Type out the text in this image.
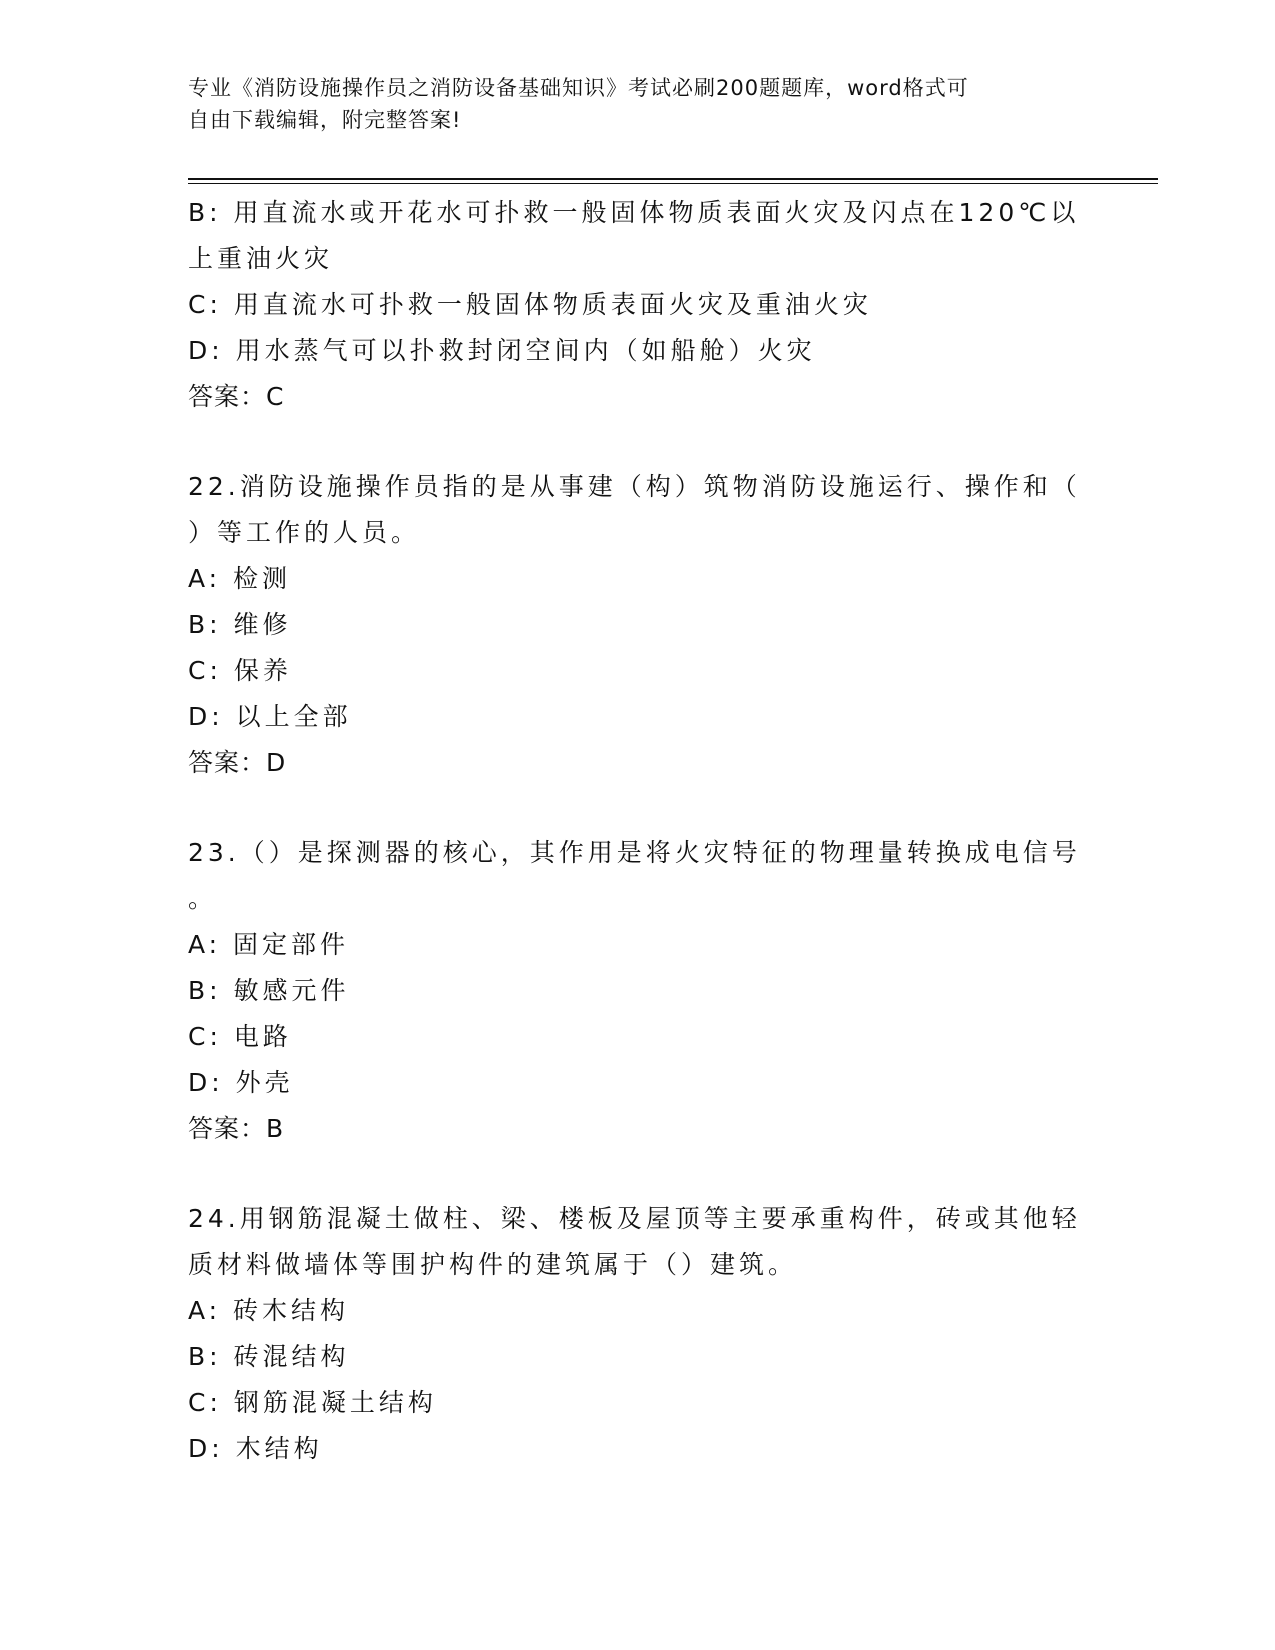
专业《消防设施操作员之消防设备基础知识》考试必刷200题题库，word格式可
自由下载编辑，附完整答案!
B: 用直流水或开花水可扑救一般固体物质表面火灾及闪点在120℃以
上重油火灾
C: 用直流水可扑救一般固体物质表面火灾及重油火灾
D: 用水蒸气可以扑救封闭空间内（如船舱）火灾
答案：C
22.消防设施操作员指的是从事建（构）筑物消防设施运行、操作和（
）等工作的人员。
A: 检测
B: 维修
C: 保养
D: 以上全部
答案：D
23.（）是探测器的核心，其作用是将火灾特征的物理量转换成电信号
。
A: 固定部件
B: 敏感元件
C: 电路
D: 外壳
答案：B
24.用钢筋混凝土做柱、梁、楼板及屋顶等主要承重构件，砖或其他轻
质材料做墙体等围护构件的建筑属于（）建筑。
A: 砖木结构
B: 砖混结构
C: 钢筋混凝土结构
D: 木结构
